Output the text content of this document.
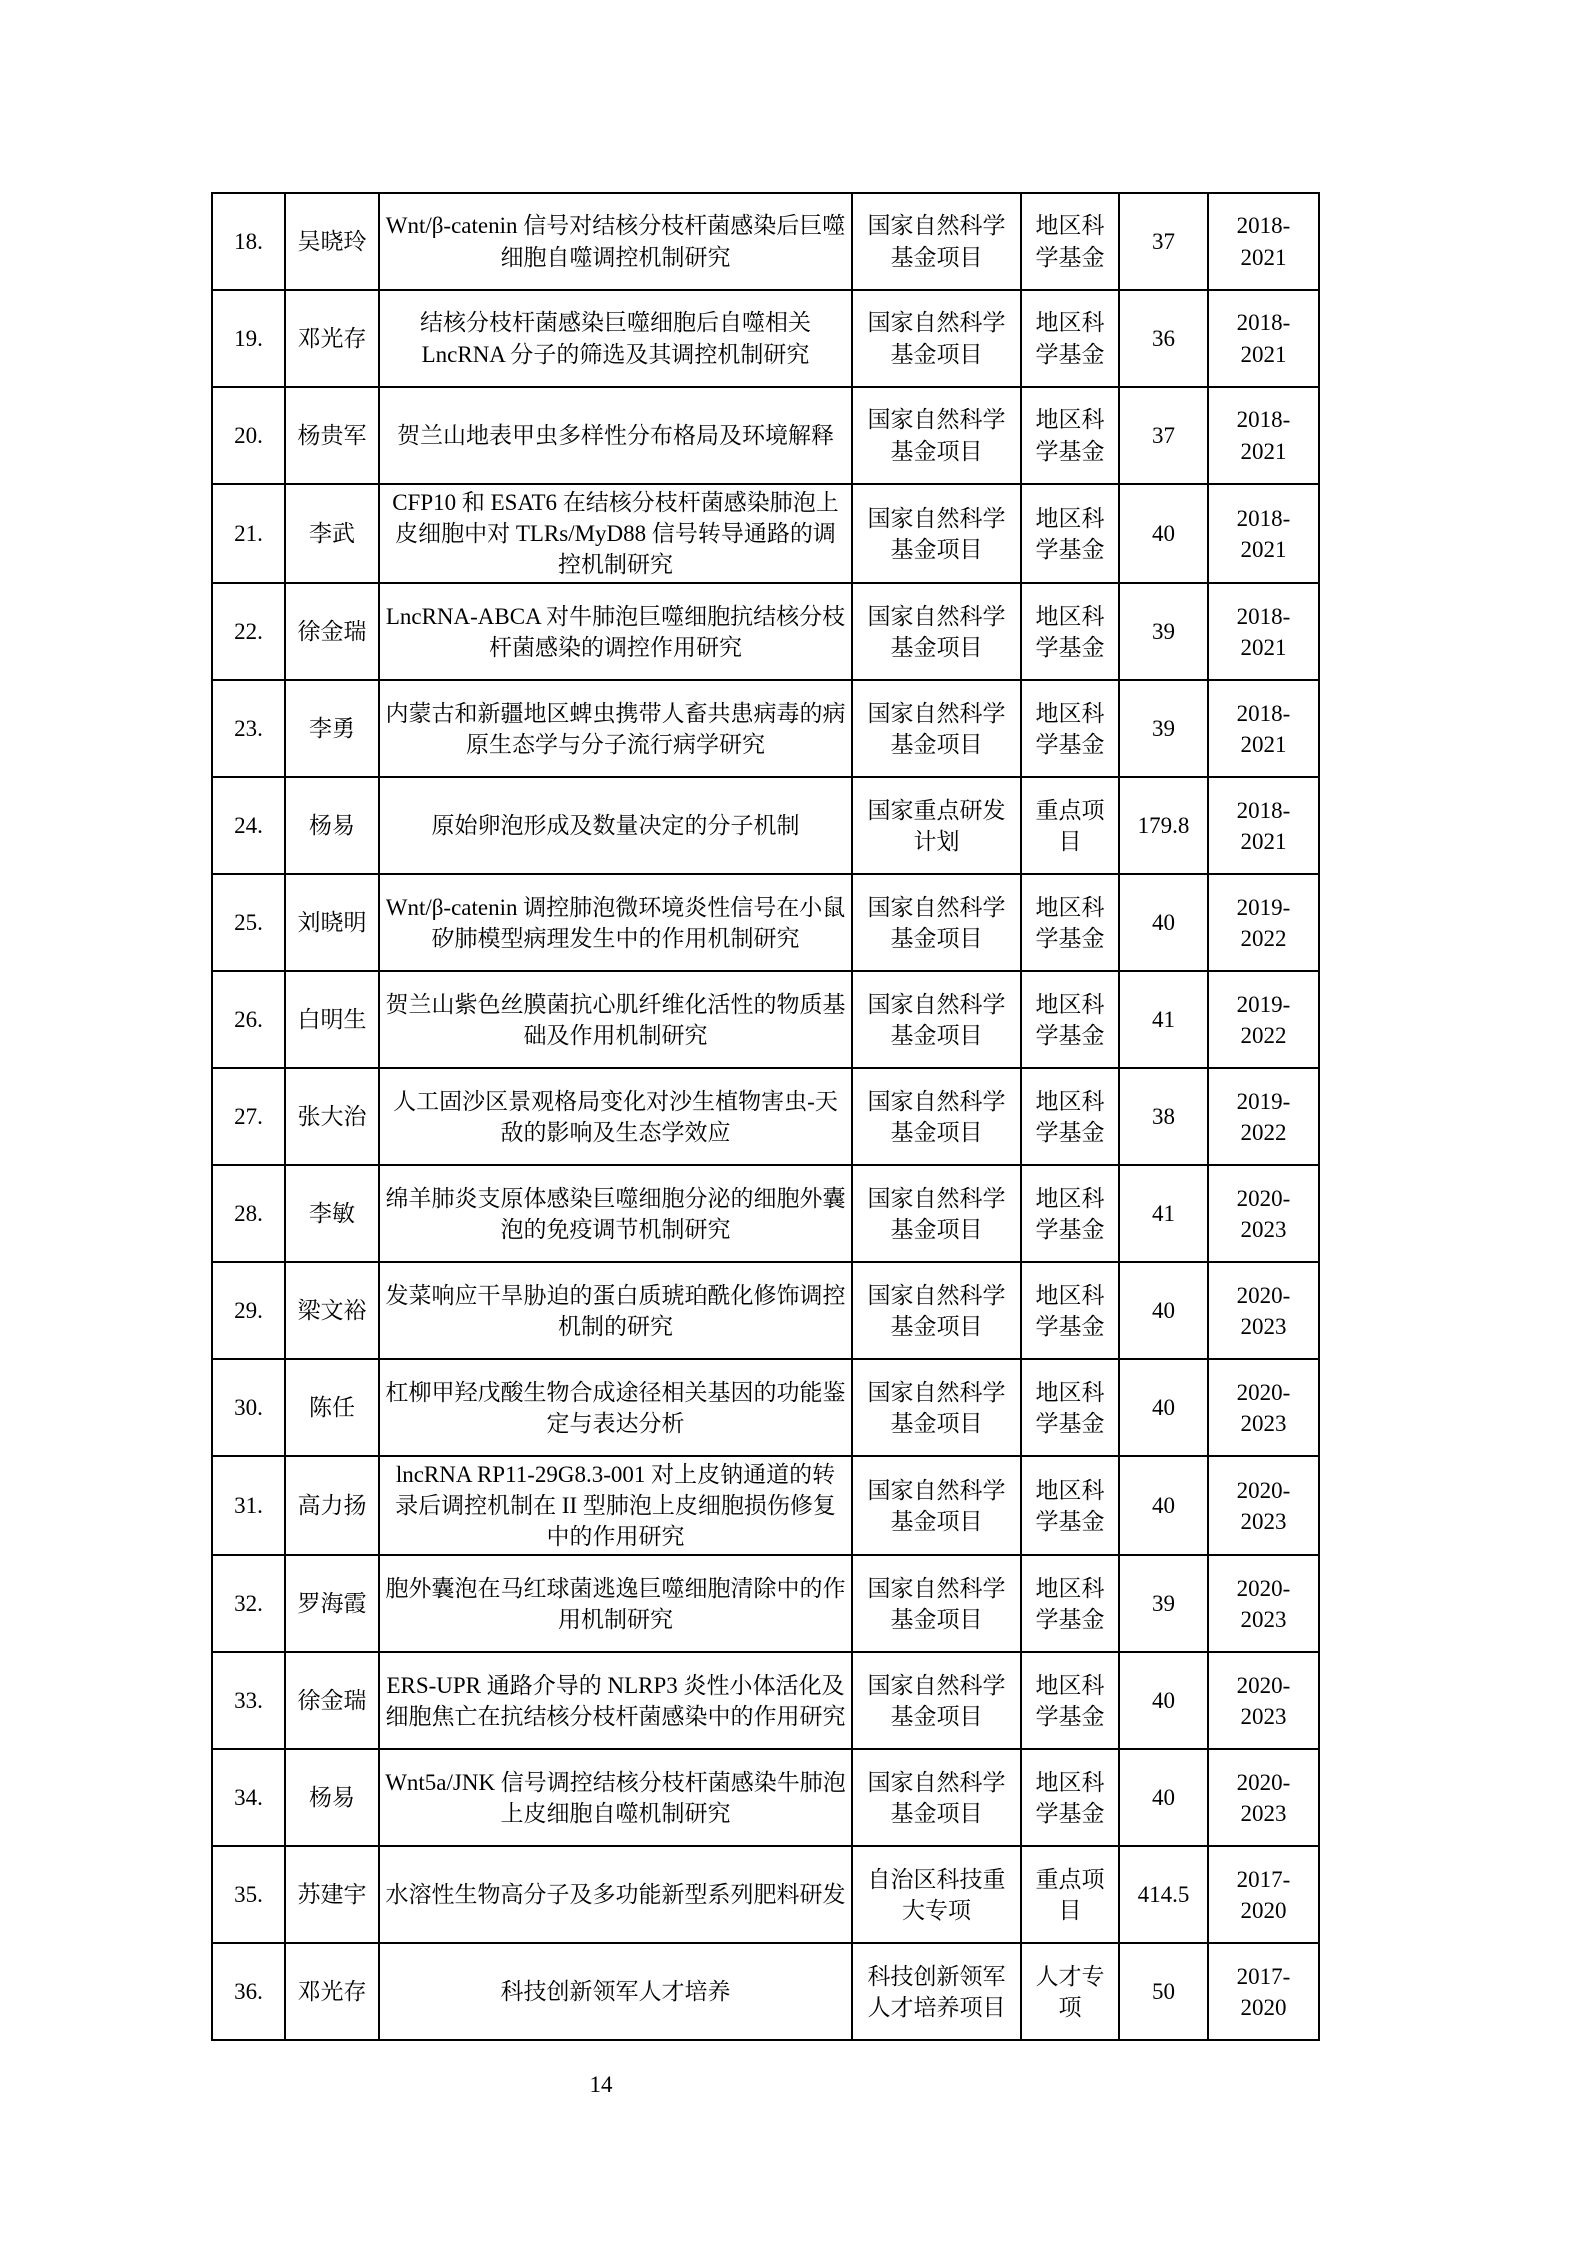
18.	吴晓玲	Wnt/β-catenin 信号对结核分枝杆菌感染后巨噬细胞自噬调控机制研究	国家自然科学基金项目	地区科学基金	37	2018-2021
19.	邓光存	结核分枝杆菌感染巨噬细胞后自噬相关 LncRNA 分子的筛选及其调控机制研究	国家自然科学基金项目	地区科学基金	36	2018-2021
20.	杨贵军	贺兰山地表甲虫多样性分布格局及环境解释	国家自然科学基金项目	地区科学基金	37	2018-2021
21.	李武	CFP10 和 ESAT6 在结核分枝杆菌感染肺泡上皮细胞中对 TLRs/MyD88 信号转导通路的调控机制研究	国家自然科学基金项目	地区科学基金	40	2018-2021
22.	徐金瑞	LncRNA-ABCA 对牛肺泡巨噬细胞抗结核分枝杆菌感染的调控作用研究	国家自然科学基金项目	地区科学基金	39	2018-2021
23.	李勇	内蒙古和新疆地区蜱虫携带人畜共患病毒的病原生态学与分子流行病学研究	国家自然科学基金项目	地区科学基金	39	2018-2021
24.	杨易	原始卵泡形成及数量决定的分子机制	国家重点研发计划	重点项目	179.8	2018-2021
25.	刘晓明	Wnt/β-catenin 调控肺泡微环境炎性信号在小鼠矽肺模型病理发生中的作用机制研究	国家自然科学基金项目	地区科学基金	40	2019-2022
26.	白明生	贺兰山紫色丝膜菌抗心肌纤维化活性的物质基础及作用机制研究	国家自然科学基金项目	地区科学基金	41	2019-2022
27.	张大治	人工固沙区景观格局变化对沙生植物害虫-天敌的影响及生态学效应	国家自然科学基金项目	地区科学基金	38	2019-2022
28.	李敏	绵羊肺炎支原体感染巨噬细胞分泌的细胞外囊泡的免疫调节机制研究	国家自然科学基金项目	地区科学基金	41	2020-2023
29.	梁文裕	发菜响应干旱胁迫的蛋白质琥珀酰化修饰调控机制的研究	国家自然科学基金项目	地区科学基金	40	2020-2023
30.	陈任	杠柳甲羟戊酸生物合成途径相关基因的功能鉴定与表达分析	国家自然科学基金项目	地区科学基金	40	2020-2023
31.	高力扬	lncRNA RP11-29G8.3-001 对上皮钠通道的转录后调控机制在 II 型肺泡上皮细胞损伤修复中的作用研究	国家自然科学基金项目	地区科学基金	40	2020-2023
32.	罗海霞	胞外囊泡在马红球菌逃逸巨噬细胞清除中的作用机制研究	国家自然科学基金项目	地区科学基金	39	2020-2023
33.	徐金瑞	ERS-UPR 通路介导的 NLRP3 炎性小体活化及细胞焦亡在抗结核分枝杆菌感染中的作用研究	国家自然科学基金项目	地区科学基金	40	2020-2023
34.	杨易	Wnt5a/JNK 信号调控结核分枝杆菌感染牛肺泡上皮细胞自噬机制研究	国家自然科学基金项目	地区科学基金	40	2020-2023
35.	苏建宇	水溶性生物高分子及多功能新型系列肥料研发	自治区科技重大专项	重点项目	414.5	2017-2020
36.	邓光存	科技创新领军人才培养	科技创新领军人才培养项目	人才专项	50	2017-2020
14
